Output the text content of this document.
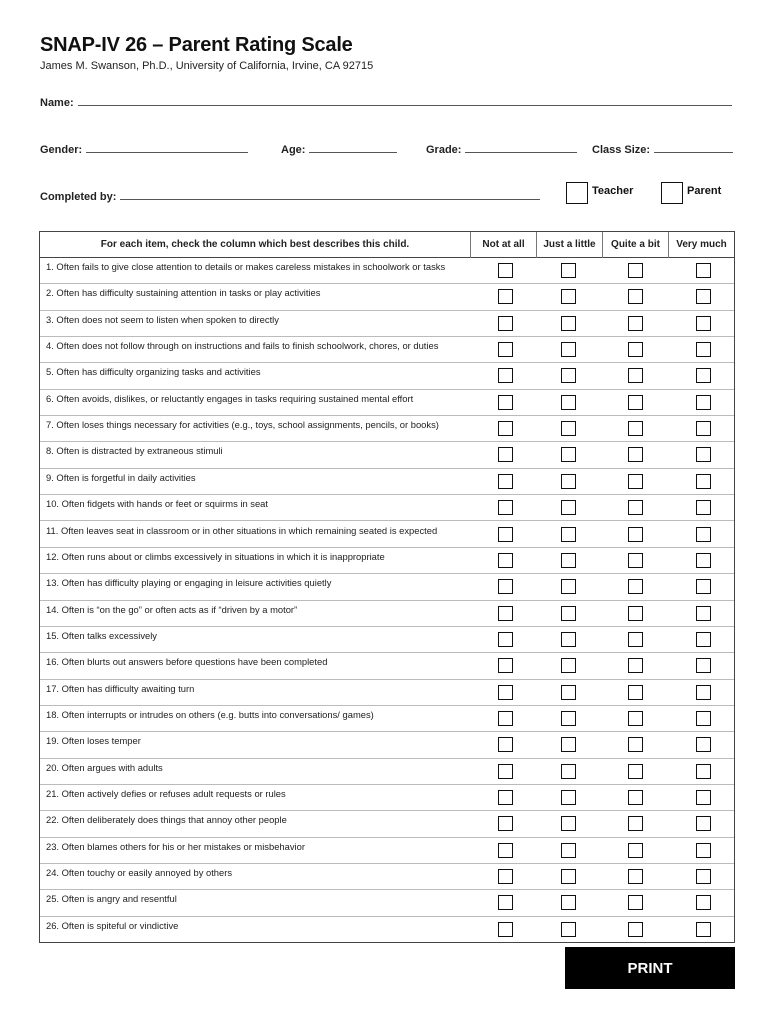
SNAP-IV 26 – Parent Rating Scale
James M. Swanson, Ph.D., University of California, Irvine, CA 92715
Name:
Gender:	Age:	Grade:	Class Size:
Completed by:	Teacher	Parent
For each item, check the column which best describes this child.	Not at all	Just a little	Quite a bit	Very much
1. Often fails to give close attention to details or makes careless mistakes in schoolwork or tasks
2. Often has difficulty sustaining attention in tasks or play activities
3. Often does not seem to listen when spoken to directly
4. Often does not follow through on instructions and fails to finish schoolwork, chores, or duties
5. Often has difficulty organizing tasks and activities
6. Often avoids, dislikes, or reluctantly engages in tasks requiring sustained mental effort
7. Often loses things necessary for activities (e.g., toys, school assignments, pencils, or books)
8. Often is distracted by extraneous stimuli
9. Often is forgetful in daily activities
10. Often fidgets with hands or feet or squirms in seat
11. Often leaves seat in classroom or in other situations in which remaining seated is expected
12. Often runs about or climbs excessively in situations in which it is inappropriate
13. Often has difficulty playing or engaging in leisure activities quietly
14. Often is “on the go” or often acts as if “driven by a motor”
15. Often talks excessively
16. Often blurts out answers before questions have been completed
17. Often has difficulty awaiting turn
18. Often interrupts or intrudes on others (e.g. butts into conversations/ games)
19. Often loses temper
20. Often argues with adults
21. Often actively defies or refuses adult requests or rules
22. Often deliberately does things that annoy other people
23. Often blames others for his or her mistakes or misbehavior
24. Often touchy or easily annoyed by others
25. Often is angry and resentful
26. Often is spiteful or vindictive
PRINT
